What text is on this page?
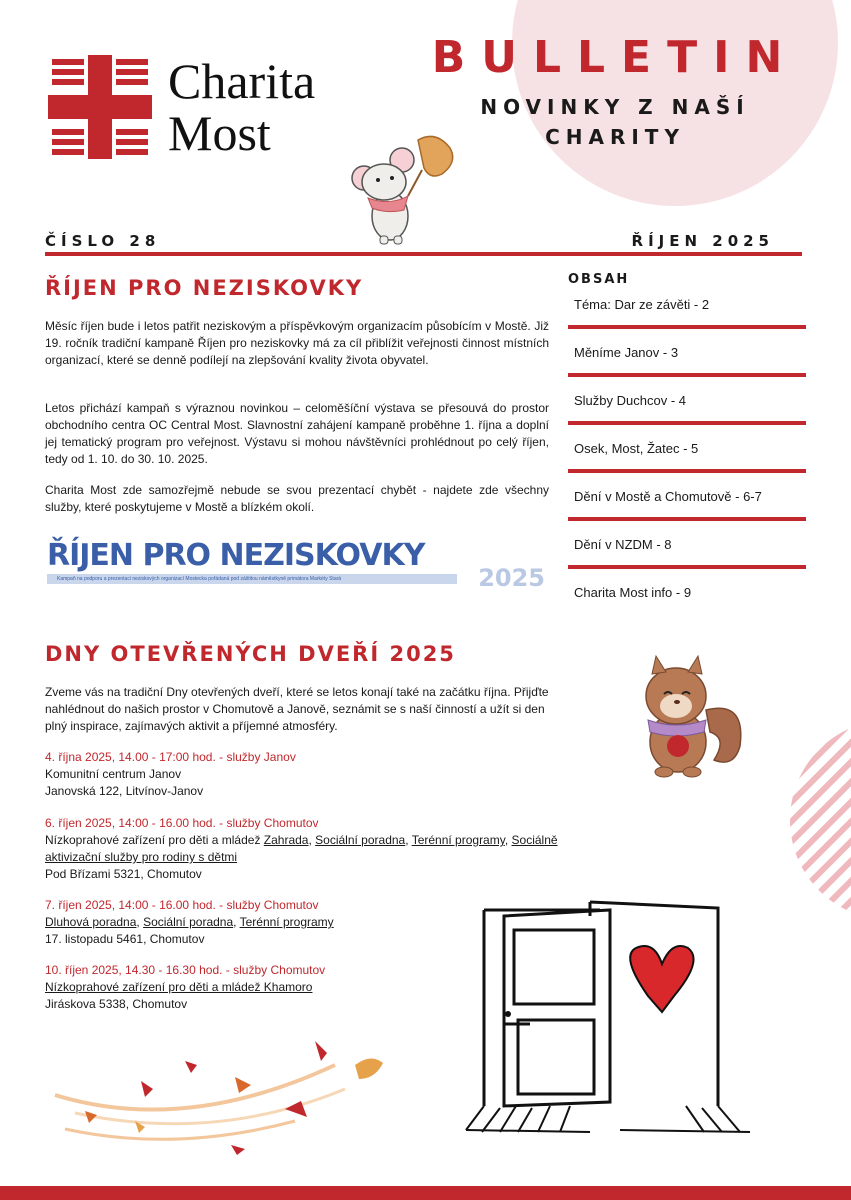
Charita
Most
BULLETIN
NOVINKY Z NAŠÍ
CHARITY
ČÍSLO 28	ŘÍJEN 2025
ŘÍJEN PRO NEZISKOVKY

Měsíc říjen bude i letos patřit neziskovým a příspěvkovým organizacím působícím v Mostě. Již 19. ročník tradiční kampaně Říjen pro neziskovky má za cíl přiblížit veřejnosti činnost místních organizací, které se denně podílejí na zlepšování kvality života obyvatel.

Letos přichází kampaň s výraznou novinkou – celoměšíční výstava se přesouvá do prostor obchodního centra OC Central Most. Slavnostní zahájení kampaně proběhne 1. října a doplní jej tematický program pro veřejnost. Výstavu si mohou návštěvníci prohlédnout po celý říjen, tedy od 1. 10. do 30. 10. 2025.

Charita Most zde samozřejmě nebude se svou prezentací chybět - najdete zde všechny služby, které poskytujeme v Mostě a blízkém okolí.

Kampaň na podporu a prezentaci neziskových organizací Mostecka pořádaná pod záštitou náměstkyně primátora Markéty Stará
ŘÍJEN PRO NEZISKOVKY
2025
OBSAH
Téma: Dar ze závěti - 2
Měníme Janov - 3
Služby Duchcov - 4
Osek, Most, Žatec - 5
Dění v Mostě a Chomutově - 6-7
Dění v NZDM - 8
Charita Most info - 9
DNY OTEVŘENÝCH DVEŘÍ 2025

Zveme vás na tradiční Dny otevřených dveří, které se letos konají také na začátku října. Přijďte nahlédnout do našich prostor v Chomutově a Janově, seznámit se s naší činností a užít si den plný inspirace, zajímavých aktivit a příjemné atmosféry.

4. října 2025, 14.00 - 17:00 hod. - služby Janov
Komunitní centrum Janov
Janovská 122, Litvínov-Janov
6. říjen 2025, 14:00 - 16.00 hod. - služby Chomutov
Nízkoprahové zařízení pro děti a mládež Zahrada, Sociální poradna, Terénní programy, Sociálně aktivizační služby pro rodiny s dětmi
Pod Břízami 5321, Chomutov
7. říjen 2025, 14:00 - 16.00 hod. - služby Chomutov
Dluhová poradna, Sociální poradna, Terénní programy
17. listopadu 5461, Chomutov
10. říjen 2025, 14.30 - 16.30 hod. - služby Chomutov
Nízkoprahové zařízení pro děti a mládež Khamoro
Jiráskova 5338, Chomutov
